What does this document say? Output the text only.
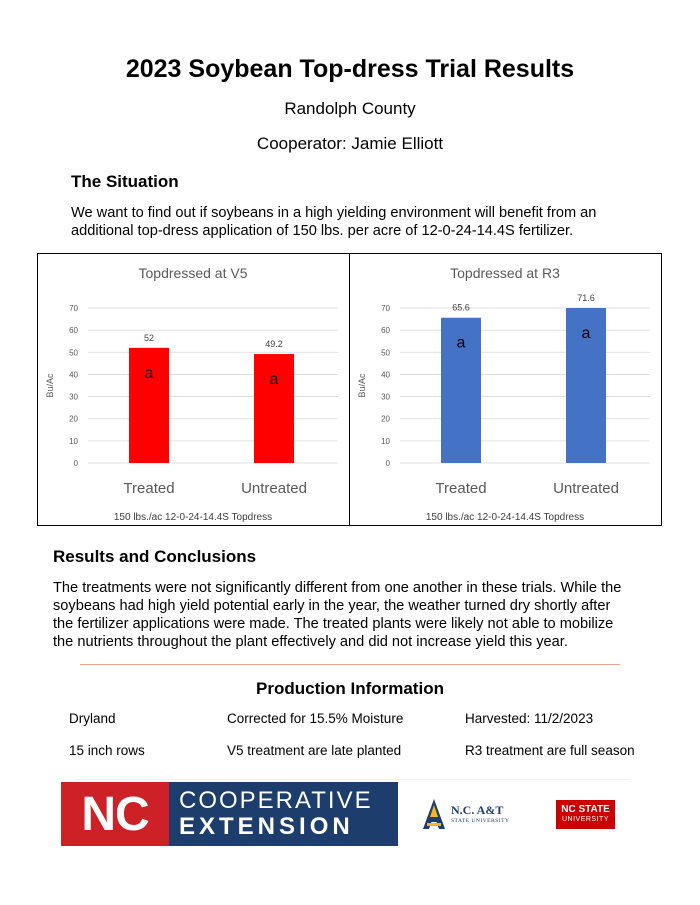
2023 Soybean Top-dress Trial Results
Randolph County
Cooperator: Jamie Elliott
The Situation
We want to find out if soybeans in a high yielding environment will benefit from an
additional top-dress application of 150 lbs. per acre of 12-0-24-14.4S fertilizer.
Topdressed at V5
0
10
20
30
40
50
60
70
Bu/Ac
52
a
Treated
49.2
a
Untreated
150 lbs./ac 12-0-24-14.4S Topdress
Topdressed at R3
0
10
20
30
40
50
60
70
Bu/Ac
65.6
a
Treated
71.6
a
Untreated
150 lbs./ac 12-0-24-14.4S Topdress
Results and Conclusions
The treatments were not significantly different from one another in these trials. While the
soybeans had high yield potential early in the year, the weather turned dry shortly after
the fertilizer applications were made. The treated plants were likely not able to mobilize
the nutrients throughout the plant effectively and did not increase yield this year.
Production Information
Dryland	Corrected for 15.5% Moisture	Harvested: 11/2/2023
15 inch rows	V5 treatment are late planted	R3 treatment are full season
NC	COOPERATIVE
EXTENSION
N.C. A&T
STATE UNIVERSITY
NC STATE
UNIVERSITY
